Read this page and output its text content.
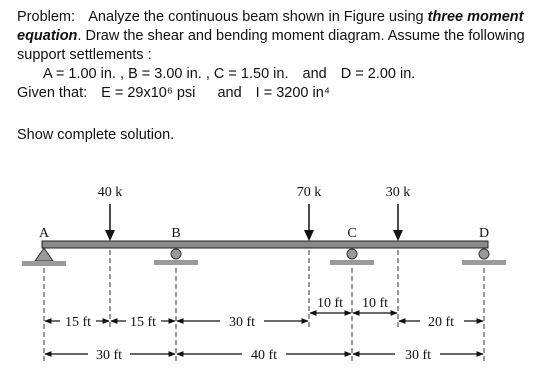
Problem: Analyze the continuous beam shown in Figure using three moment

equation. Draw the shear and bending moment diagram. Assume the following

support settlements :

A = 1.00 in. , B = 3.00 in. , C = 1.50 in. and D = 2.00 in.

Given that: E = 29x10⁶ psi and I = 3200 in⁴

Show complete solution.

40 k	70 k	30 k
A	B	C	D
15 ft	15 ft	30 ft
10 ft 10 ft
20 ft
30 ft	40 ft	30 ft
